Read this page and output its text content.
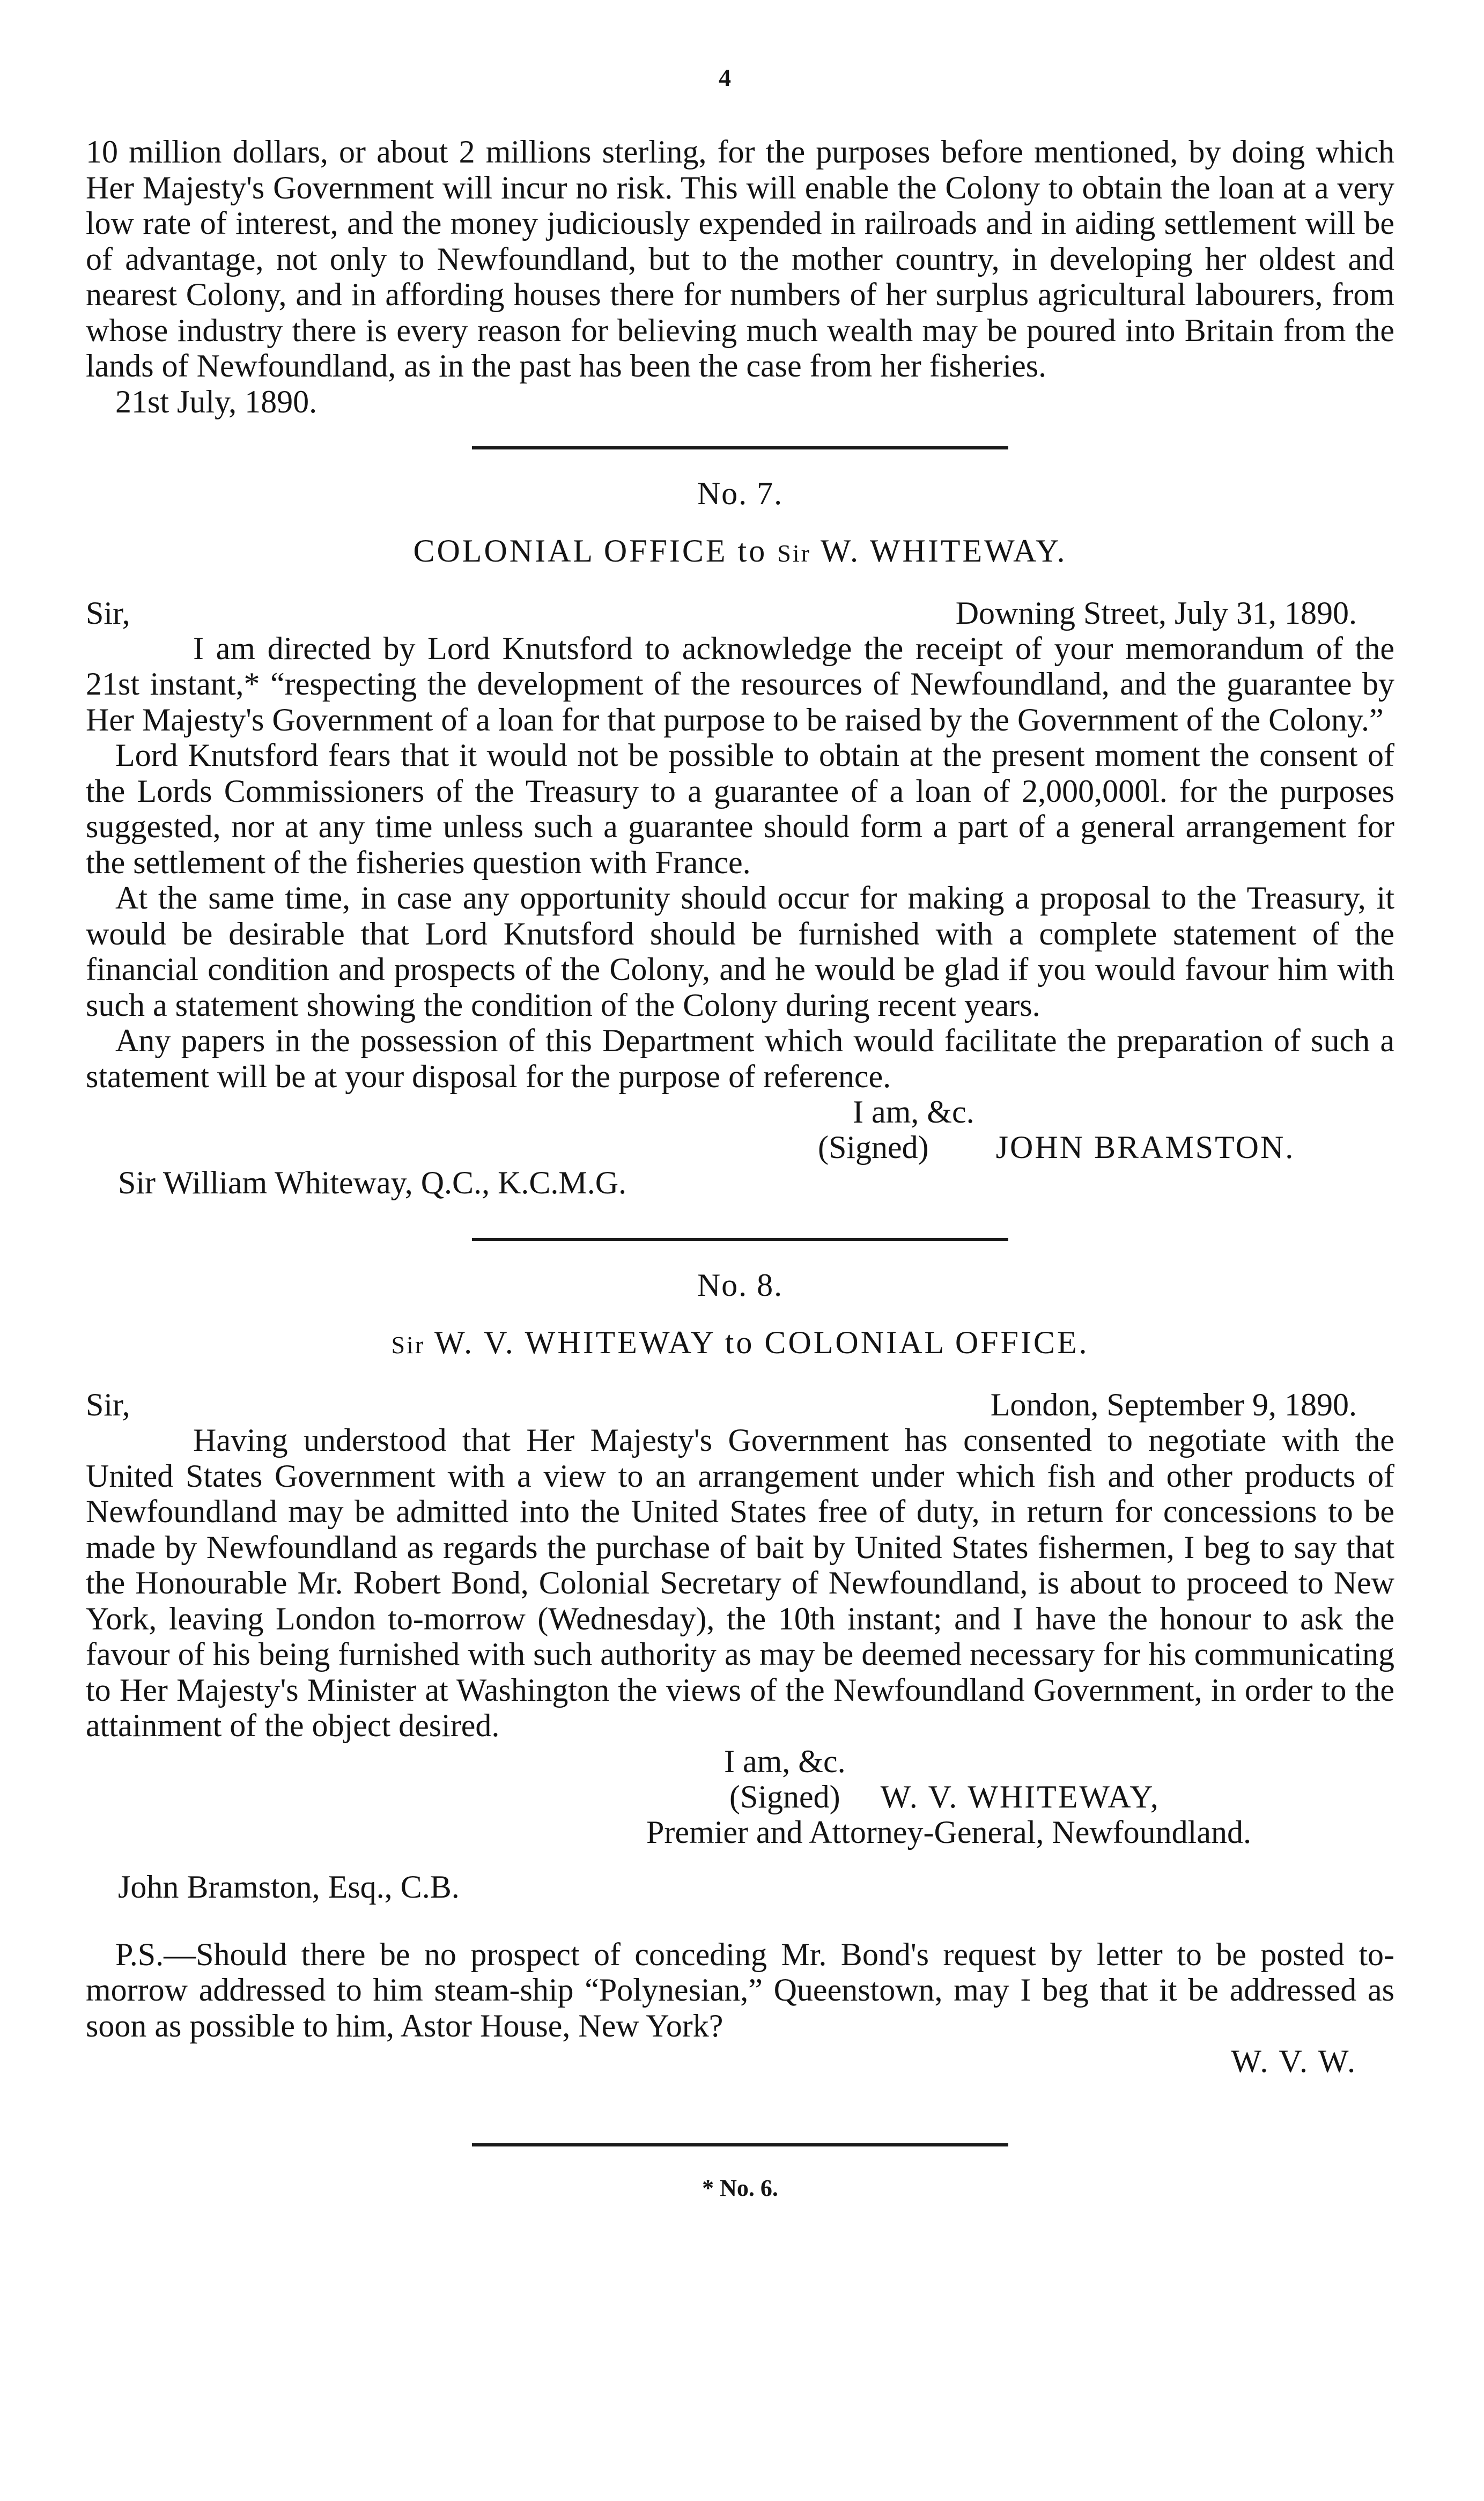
4

10 million dollars, or about 2 millions sterling, for the purposes before mentioned, by doing which Her Majesty's Government will incur no risk. This will enable the Colony to obtain the loan at a very low rate of interest, and the money judiciously expended in railroads and in aiding settlement will be of advantage, not only to Newfoundland, but to the mother country, in developing her oldest and nearest Colony, and in affording houses there for numbers of her surplus agricultural labourers, from whose industry there is every reason for believing much wealth may be poured into Britain from the lands of Newfoundland, as in the past has been the case from her fisheries.

21st July, 1890.
No. 7.
COLONIAL OFFICE to Sir W. WHITEWAY.
Sir,	Downing Street, July 31, 1890.

I am directed by Lord Knutsford to acknowledge the receipt of your memorandum of the 21st instant,* “respecting the development of the resources of Newfoundland, and the guarantee by Her Majesty's Government of a loan for that purpose to be raised by the Government of the Colony.”

Lord Knutsford fears that it would not be possible to obtain at the present moment the consent of the Lords Commissioners of the Treasury to a guarantee of a loan of 2,000,000l. for the purposes suggested, nor at any time unless such a guarantee should form a part of a general arrangement for the settlement of the fisheries question with France.

At the same time, in case any opportunity should occur for making a proposal to the Treasury, it would be desirable that Lord Knutsford should be furnished with a complete statement of the financial condition and prospects of the Colony, and he would be glad if you would favour him with such a statement showing the condition of the Colony during recent years.

Any papers in the possession of this Department which would facilitate the preparation of such a statement will be at your disposal for the purpose of reference.

I am, &c.
(Signed) JOHN BRAMSTON.
Sir William Whiteway, Q.C., K.C.M.G.
No. 8.
Sir W. V. WHITEWAY to COLONIAL OFFICE.
Sir,	London, September 9, 1890.

Having understood that Her Majesty's Government has consented to negotiate with the United States Government with a view to an arrangement under which fish and other products of Newfoundland may be admitted into the United States free of duty, in return for concessions to be made by Newfoundland as regards the purchase of bait by United States fishermen, I beg to say that the Honourable Mr. Robert Bond, Colonial Secretary of Newfoundland, is about to proceed to New York, leaving London to-morrow (Wednesday), the 10th instant; and I have the honour to ask the favour of his being furnished with such authority as may be deemed necessary for his communicating to Her Majesty's Minister at Washington the views of the Newfoundland Government, in order to the attainment of the object desired.

I am, &c.
(Signed) W. V. WHITEWAY,
Premier and Attorney-General, Newfoundland.
John Bramston, Esq., C.B.

P.S.—Should there be no prospect of conceding Mr. Bond's request by letter to be posted to-morrow addressed to him steam-ship “Polynesian,” Queenstown, may I beg that it be addressed as soon as possible to him, Astor House, New York?

W. V. W.
* No. 6.
